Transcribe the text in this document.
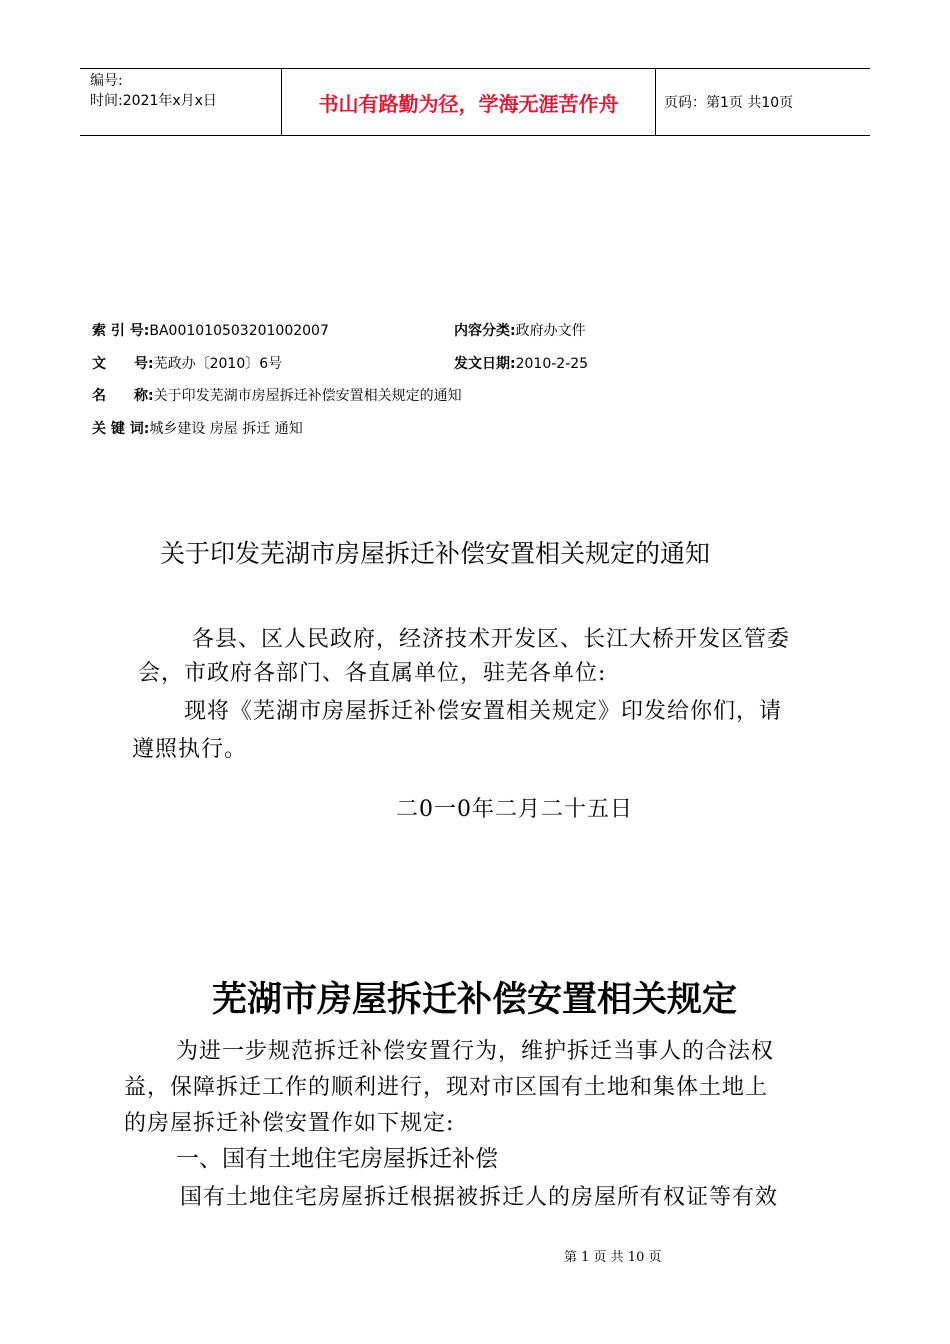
编号:
时间:2021年x月x日	书山有路勤为径，学海无涯苦作舟	页码：第1页 共10页
索 引 号:BA001010503201002007	内容分类:政府办文件
文　　号:芜政办〔2010〕6号	发文日期:2010-2-25
名　　称:关于印发芜湖市房屋拆迁补偿安置相关规定的通知
关 键 词:城乡建设 房屋 拆迁 通知
关于印发芜湖市房屋拆迁补偿安置相关规定的通知
各县、区人民政府，经济技术开发区、长江大桥开发区管委
会，市政府各部门、各直属单位，驻芜各单位:
现将《芜湖市房屋拆迁补偿安置相关规定》印发给你们，请
遵照执行。
二0一0年二月二十五日
芜湖市房屋拆迁补偿安置相关规定
为进一步规范拆迁补偿安置行为，维护拆迁当事人的合法权
益，保障拆迁工作的顺利进行，现对市区国有土地和集体土地上
的房屋拆迁补偿安置作如下规定:
一、国有土地住宅房屋拆迁补偿
国有土地住宅房屋拆迁根据被拆迁人的房屋所有权证等有效
第 1 页 共 10 页
